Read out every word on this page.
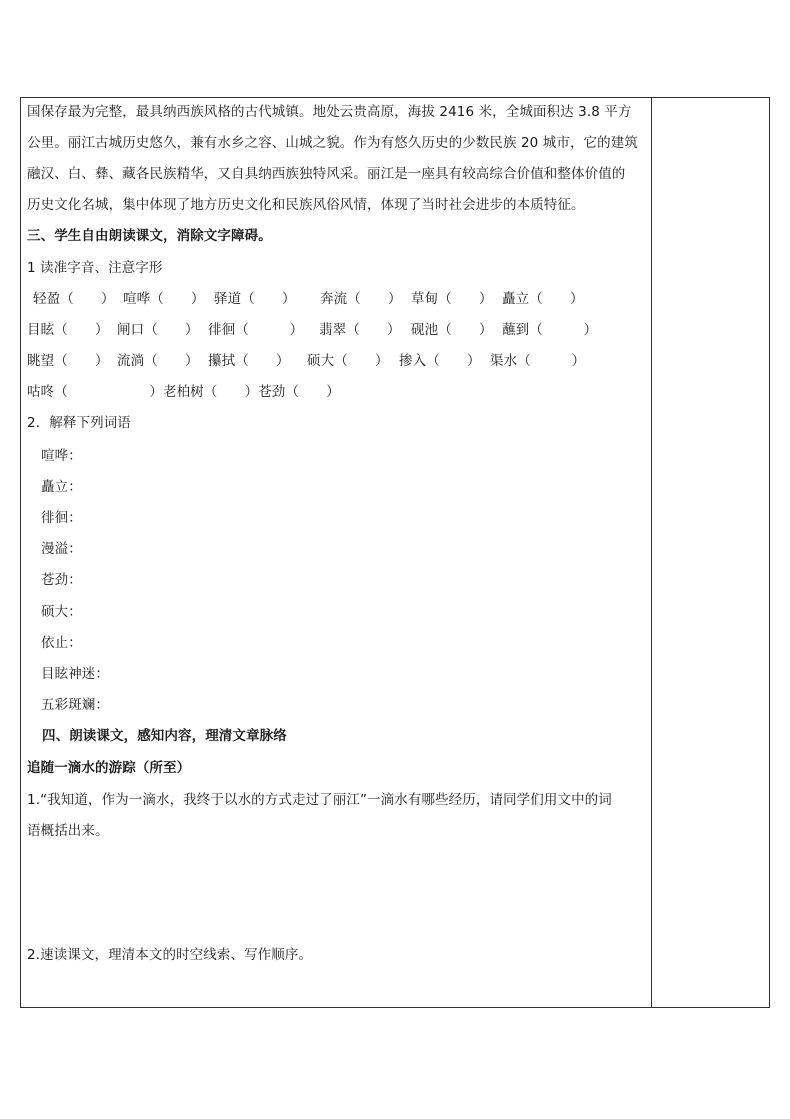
国保存最为完整，最具纳西族风格的古代城镇。地处云贵高原，海拔 2416 米，全城面积达 3.8 平方
公里。丽江古城历史悠久，兼有水乡之容、山城之貌。作为有悠久历史的少数民族 20 城市，它的建筑
融汉、白、彝、藏各民族精华，又自具纳西族独特风采。丽江是一座具有较高综合价值和整体价值的
历史文化名城，集中体现了地方历史文化和民族风俗风情，体现了当时社会进步的本质特征。
三、学生自由朗读课文，消除文字障碍。
1 读准字音、注意字形
轻盈（　　） 喧哗（　　） 驿道（　　） 奔流（　　） 草甸（　　） 矗立（　　）
目眩（　　） 闸口（　　） 徘徊（　　　） 翡翠（　　） 砚池（　　） 蘸到（　　　）
眺望（　　） 流淌（　　） 攥拭（　　） 硕大（　　） 掺入（　　） 渠水（　　　）
咕咚（　　　　　　）老柏树（　　）苍劲（　　）
2．解释下列词语
喧哗：
矗立：
徘徊：
漫溢：
苍劲：
硕大：
依止：
目眩神迷：
五彩斑斓：
四、朗读课文，感知内容，理清文章脉络
追随一滴水的游踪（所至）
1.“我知道，作为一滴水，我终于以水的方式走过了丽江”一滴水有哪些经历，请同学们用文中的词
语概括出来。
2.速读课文，理清本文的时空线索、写作顺序。
